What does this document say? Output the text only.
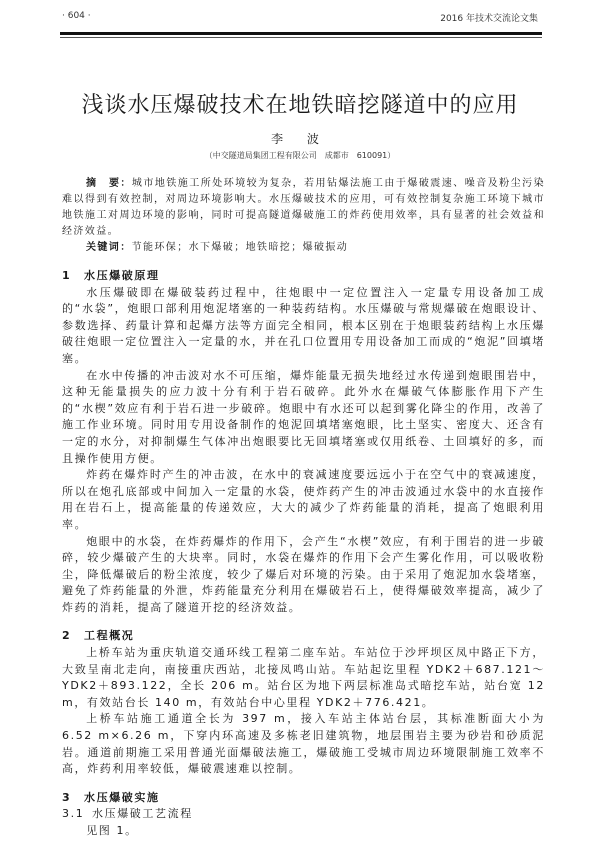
· 604 ·	2016 年技术交流论文集
浅谈水压爆破技术在地铁暗挖隧道中的应用
李 波
（中交隧道局集团工程有限公司　成都市　610091）

摘　要：城市地铁施工所处环境较为复杂，若用钻爆法施工由于爆破震速、噪音及粉尘污染难以得到有效控制，对周边环境影响大。水压爆破技术的应用，可有效控制复杂施工环境下城市地铁施工对周边环境的影响，同时可提高隧道爆破施工的炸药使用效率，具有显著的社会效益和经济效益。

关键词：节能环保；水下爆破；地铁暗挖；爆破振动

1 水压爆破原理

水压爆破即在爆破装药过程中，往炮眼中一定位置注入一定量专用设备加工成的“水袋”，炮眼口部利用炮泥堵塞的一种装药结构。水压爆破与常规爆破在炮眼设计、参数选择、药量计算和起爆方法等方面完全相同，根本区别在于炮眼装药结构上水压爆破往炮眼一定位置注入一定量的水，并在孔口位置用专用设备加工而成的“炮泥”回填堵塞。

在水中传播的冲击波对水不可压缩，爆炸能量无损失地经过水传递到炮眼围岩中，这种无能量损失的应力波十分有利于岩石破碎。此外水在爆破气体膨胀作用下产生的“水楔”效应有利于岩石进一步破碎。炮眼中有水还可以起到雾化降尘的作用，改善了施工作业环境。同时用专用设备制作的炮泥回填堵塞炮眼，比土坚实、密度大、还含有一定的水分，对抑制爆生气体冲出炮眼要比无回填堵塞或仅用纸卷、土回填好的多，而且操作使用方便。

炸药在爆炸时产生的冲击波，在水中的衰减速度要远远小于在空气中的衰减速度，所以在炮孔底部或中间加入一定量的水袋，使炸药产生的冲击波通过水袋中的水直接作用在岩石上，提高能量的传递效应，大大的减少了炸药能量的消耗，提高了炮眼利用率。

炮眼中的水袋，在炸药爆炸的作用下，会产生“水楔”效应，有利于围岩的进一步破碎，较少爆破产生的大块率。同时，水袋在爆炸的作用下会产生雾化作用，可以吸收粉尘，降低爆破后的粉尘浓度，较少了爆后对环境的污染。由于采用了炮泥加水袋堵塞，避免了炸药能量的外泄，炸药能量充分利用在爆破岩石上，使得爆破效率提高，减少了炸药的消耗，提高了隧道开挖的经济效益。

2 工程概况

上桥车站为重庆轨道交通环线工程第二座车站。车站位于沙坪坝区凤中路正下方，大致呈南北走向，南接重庆西站，北接凤鸣山站。车站起讫里程 YDK2＋687.121～YDK2＋893.122，全长 206 m。站台区为地下两层标准岛式暗挖车站，站台宽 12 m，有效站台长 140 m，有效站台中心里程 YDK2＋776.421。

上桥车站施工通道全长为 397 m，接入车站主体站台层，其标准断面大小为 6.52 m×6.26 m，下穿内环高速及多栋老旧建筑物，地层围岩主要为砂岩和砂质泥岩。通道前期施工采用普通光面爆破法施工，爆破施工受城市周边环境限制施工效率不高，炸药利用率较低，爆破震速难以控制。

3 水压爆破实施

3.1 水压爆破工艺流程

见图 1。
